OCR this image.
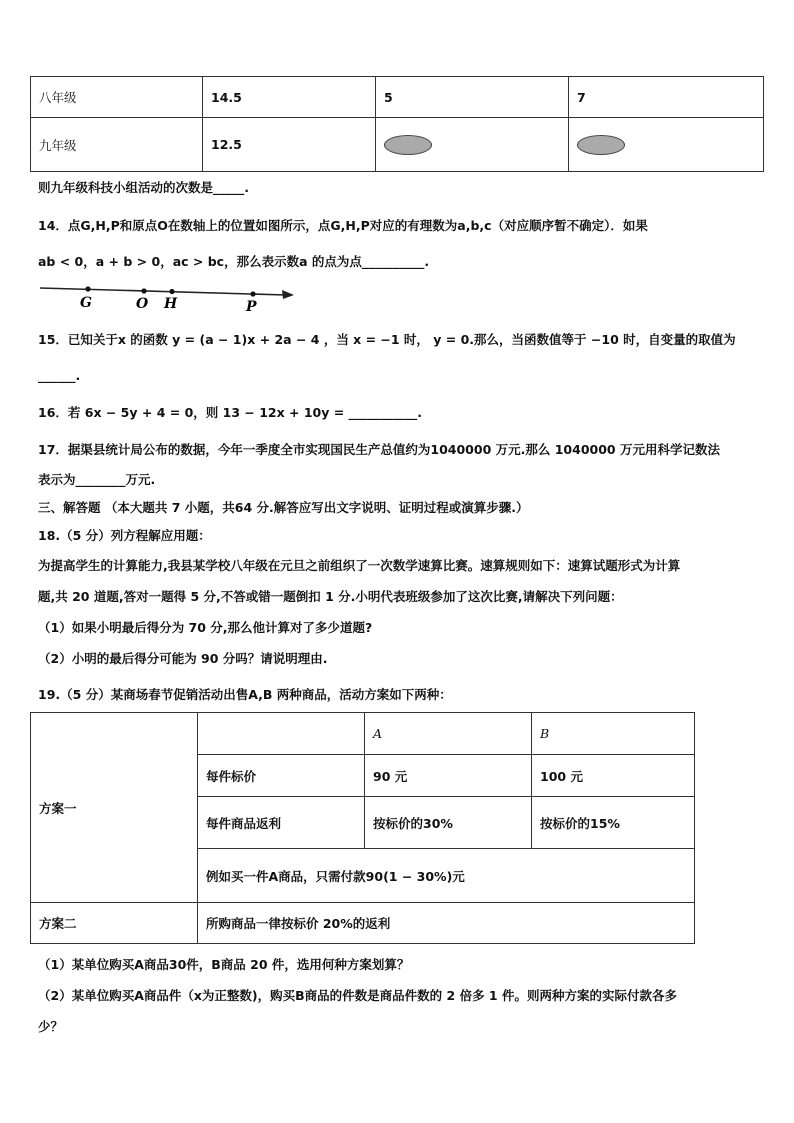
八年级	14.5	5	7
九年级	12.5		
则九年级科技小组活动的次数是_____.
14．点G,H,P和原点O在数轴上的位置如图所示，点G,H,P对应的有理数为a,b,c（对应顺序暂不确定）．如果
ab < 0，a + b > 0，ac > bc，那么表示数a 的点为点__________.
G	O H	P
15．已知关于x 的函数 y = (a − 1)x + 2a − 4 ，当 x = −1 时， y = 0.那么，当函数值等于 −10 时，自变量的取值为
______.
16．若 6x − 5y + 4 = 0，则 13 − 12x + 10y = ___________.
17．据渠县统计局公布的数据，今年一季度全市实现国民生产总值约为1040000 万元.那么 1040000 万元用科学记数法
表示为________万元.
三、解答题 （本大题共 7 小题，共64 分.解答应写出文字说明、证明过程或演算步骤.）
18.（5 分）列方程解应用题：
为提高学生的计算能力,我县某学校八年级在元旦之前组织了一次数学速算比赛。速算规则如下：速算试题形式为计算
题,共 20 道题,答对一题得 5 分,不答或错一题倒扣 1 分.小明代表班级参加了这次比赛,请解决下列问题：
（1）如果小明最后得分为 70 分,那么他计算对了多少道题?
（2）小明的最后得分可能为 90 分吗？请说明理由.
19.（5 分）某商场春节促销活动出售A,B 两种商品，活动方案如下两种：
方案一		A	B
	每件标价	90 元	100 元
	每件商品返利	按标价的30%	按标价的15%
	例如买一件A商品，只需付款90(1 − 30%)元		
方案二	所购商品一律按标价 20%的返利		
（1）某单位购买A商品30件，B商品 20 件，选用何种方案划算？
（2）某单位购买A商品件（x为正整数)，购买B商品的件数是商品件数的 2 倍多 1 件。则两种方案的实际付款各多
少？
